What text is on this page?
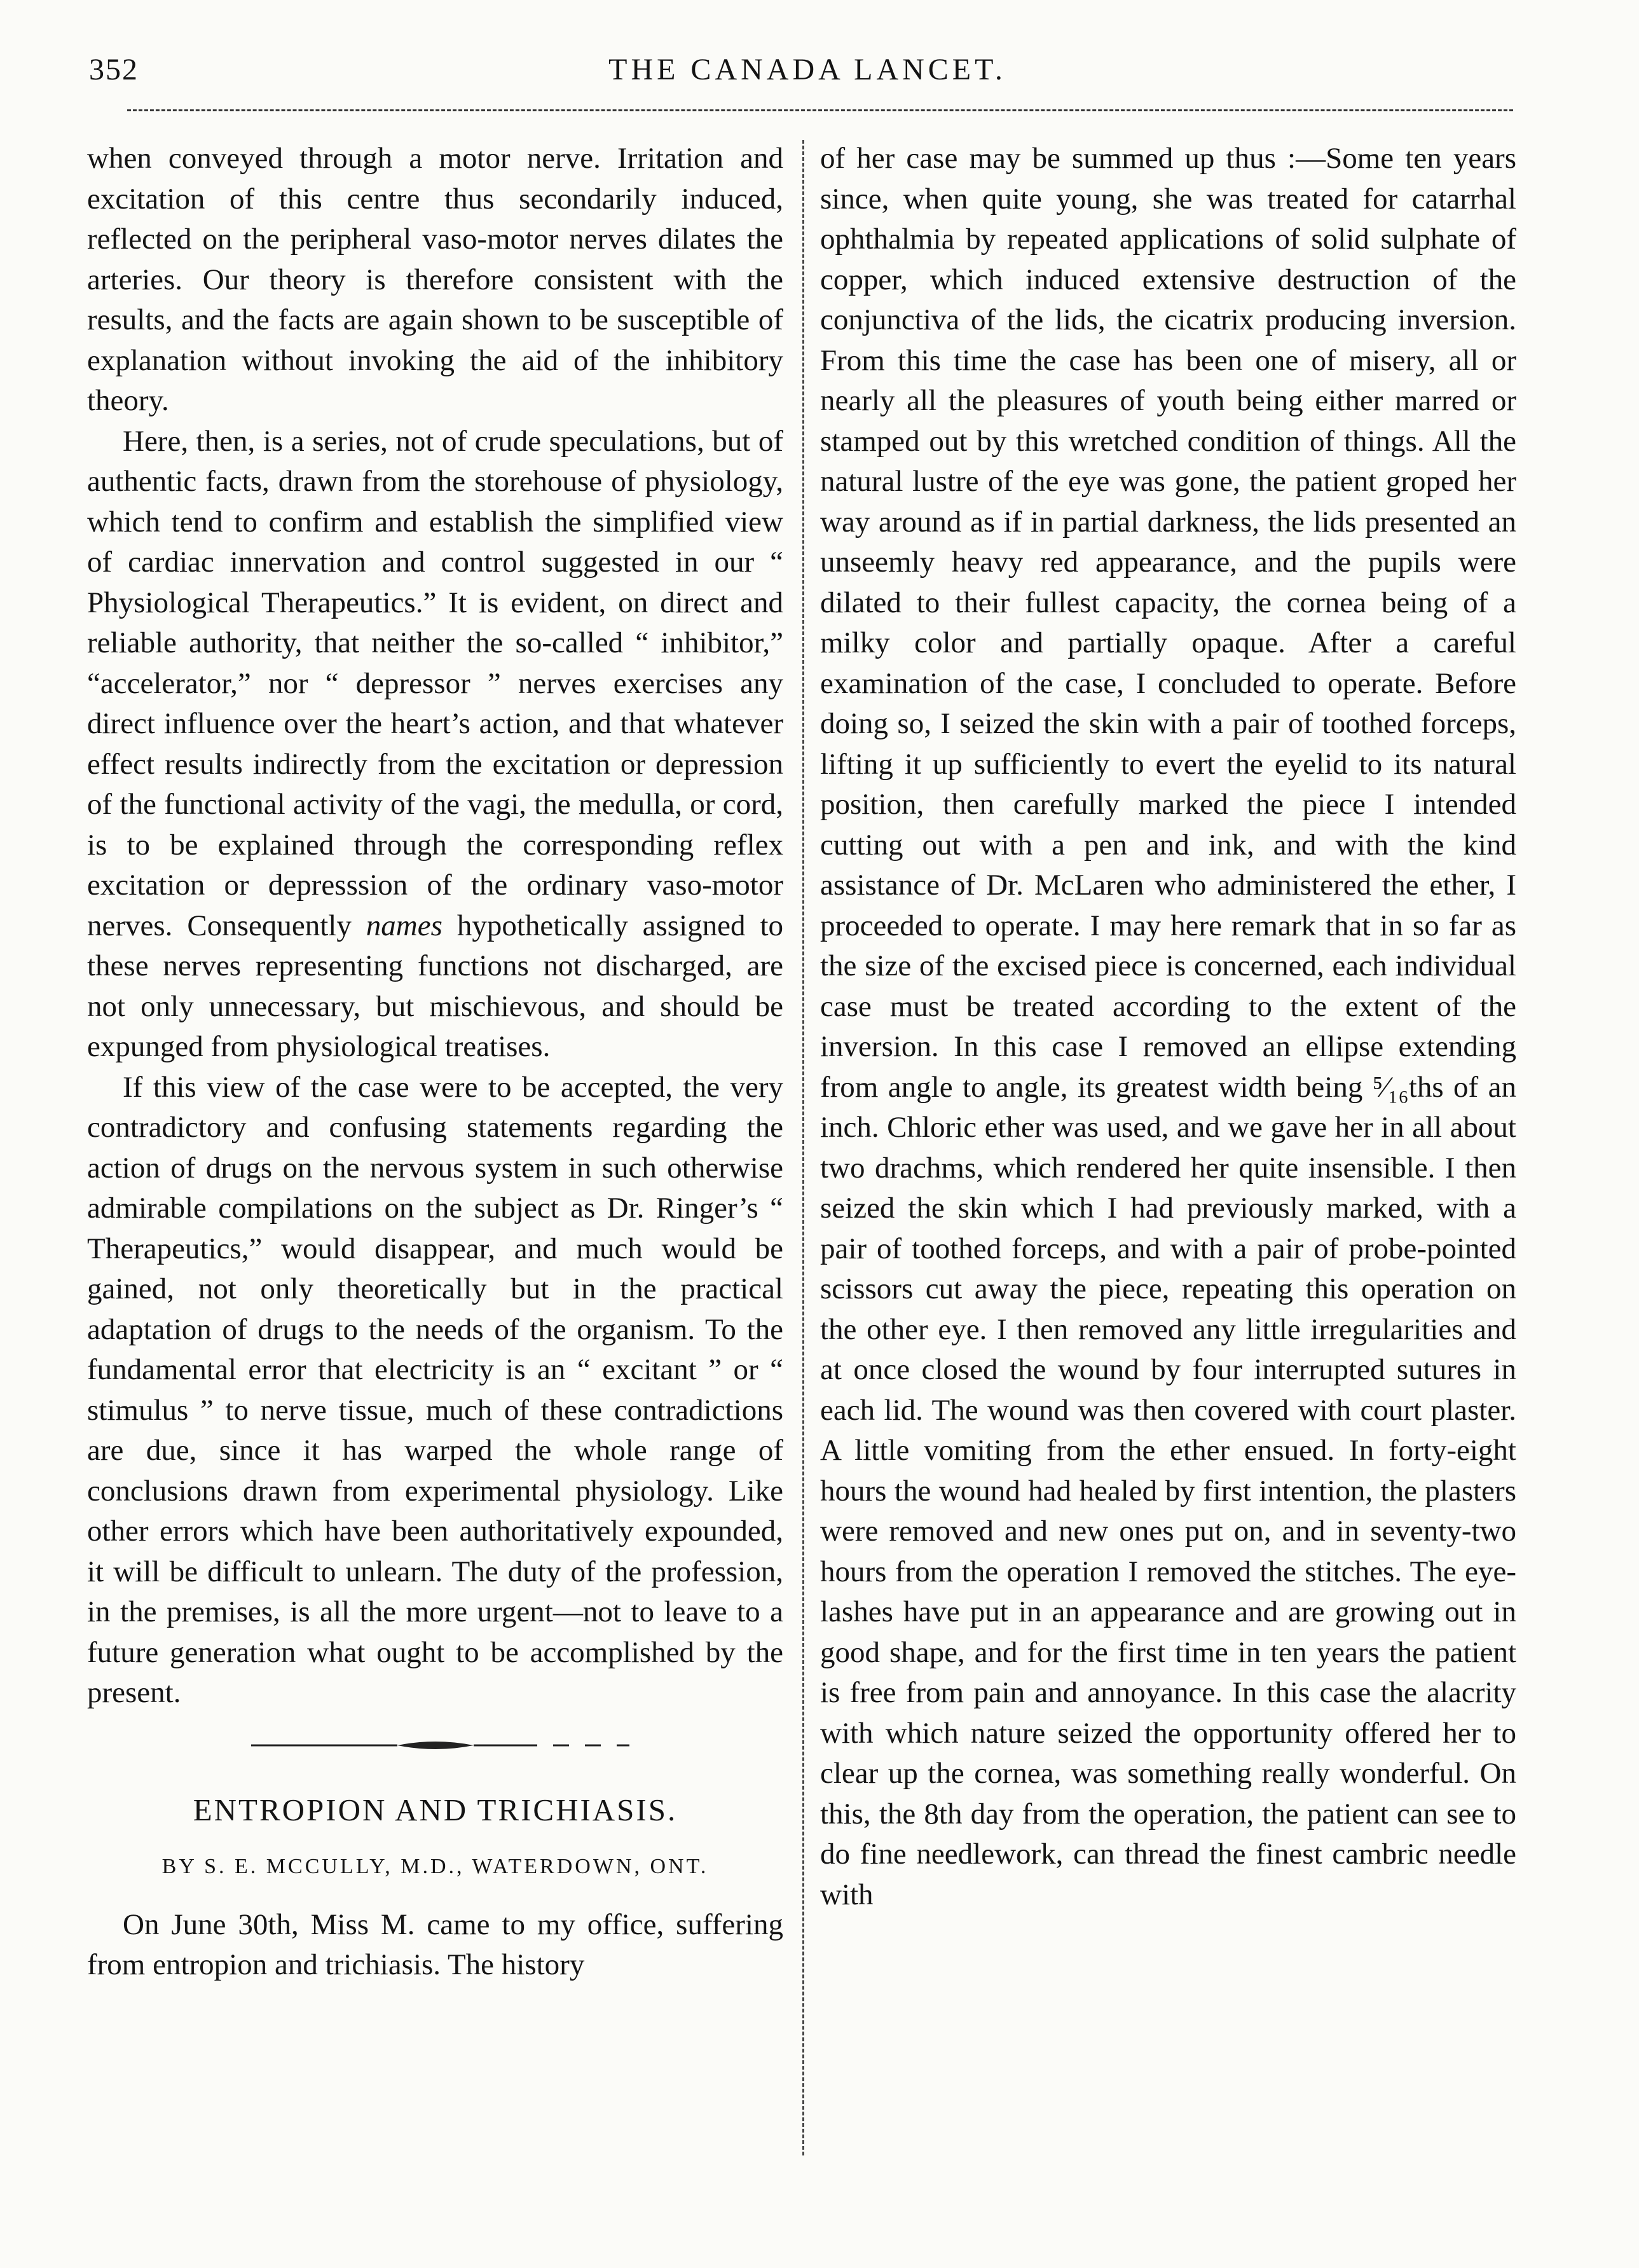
352	THE CANADA LANCET.

when conveyed through a motor nerve. Irritation and excitation of this centre thus secondarily induced, reflected on the peripheral vaso-motor nerves dilates the arteries. Our theory is therefore consistent with the results, and the facts are again shown to be susceptible of explanation without invoking the aid of the inhibitory theory.

Here, then, is a series, not of crude speculations, but of authentic facts, drawn from the storehouse of physiology, which tend to confirm and establish the simplified view of cardiac innervation and control suggested in our “ Physiological Therapeutics.” It is evident, on direct and reliable authority, that neither the so-called “ inhibitor,” “accelerator,” nor “ depressor ” nerves exercises any direct influence over the heart’s action, and that whatever effect results indirectly from the excitation or depression of the functional activity of the vagi, the medulla, or cord, is to be explained through the corresponding reflex excitation or depresssion of the ordinary vaso-motor nerves. Consequently names hypothetically assigned to these nerves representing functions not discharged, are not only unnecessary, but mischievous, and should be expunged from physiological treatises.

If this view of the case were to be accepted, the very contradictory and confusing statements regarding the action of drugs on the nervous system in such otherwise admirable compilations on the subject as Dr. Ringer’s “ Therapeutics,” would disappear, and much would be gained, not only theoretically but in the practical adaptation of drugs to the needs of the organism. To the fundamental error that electricity is an “ excitant ” or “ stimulus ” to nerve tissue, much of these contradictions are due, since it has warped the whole range of conclusions drawn from experimental physiology. Like other errors which have been authoritatively expounded, it will be difficult to unlearn. The duty of the profession, in the premises, is all the more urgent—not to leave to a future generation what ought to be accomplished by the present.

ENTROPION AND TRICHIASIS.
BY S. E. MCCULLY, M.D., WATERDOWN, ONT.

On June 30th, Miss M. came to my office, suffering from entropion and trichiasis. The history

of her case may be summed up thus :—Some ten years since, when quite young, she was treated for catarrhal ophthalmia by repeated applications of solid sulphate of copper, which induced extensive destruction of the conjunctiva of the lids, the cicatrix producing inversion. From this time the case has been one of misery, all or nearly all the pleasures of youth being either marred or stamped out by this wretched condition of things. All the natural lustre of the eye was gone, the patient groped her way around as if in partial darkness, the lids presented an unseemly heavy red appearance, and the pupils were dilated to their fullest capacity, the cornea being of a milky color and partially opaque. After a careful examination of the case, I concluded to operate. Before doing so, I seized the skin with a pair of toothed forceps, lifting it up sufficiently to evert the eyelid to its natural position, then carefully marked the piece I intended cutting out with a pen and ink, and with the kind assistance of Dr. McLaren who administered the ether, I proceeded to operate. I may here remark that in so far as the size of the excised piece is concerned, each individual case must be treated according to the extent of the inversion. In this case I removed an ellipse extending from angle to angle, its greatest width being ⁵⁄₁₆ths of an inch. Chloric ether was used, and we gave her in all about two drachms, which rendered her quite insensible. I then seized the skin which I had previously marked, with a pair of toothed forceps, and with a pair of probe-pointed scissors cut away the piece, repeating this operation on the other eye. I then removed any little irregularities and at once closed the wound by four interrupted sutures in each lid. The wound was then covered with court plaster. A little vomiting from the ether ensued. In forty-eight hours the wound had healed by first intention, the plasters were removed and new ones put on, and in seventy-two hours from the operation I removed the stitches. The eye-lashes have put in an appearance and are growing out in good shape, and for the first time in ten years the patient is free from pain and annoyance. In this case the alacrity with which nature seized the opportunity offered her to clear up the cornea, was something really wonderful. On this, the 8th day from the operation, the patient can see to do fine needlework, can thread the finest cambric needle with
